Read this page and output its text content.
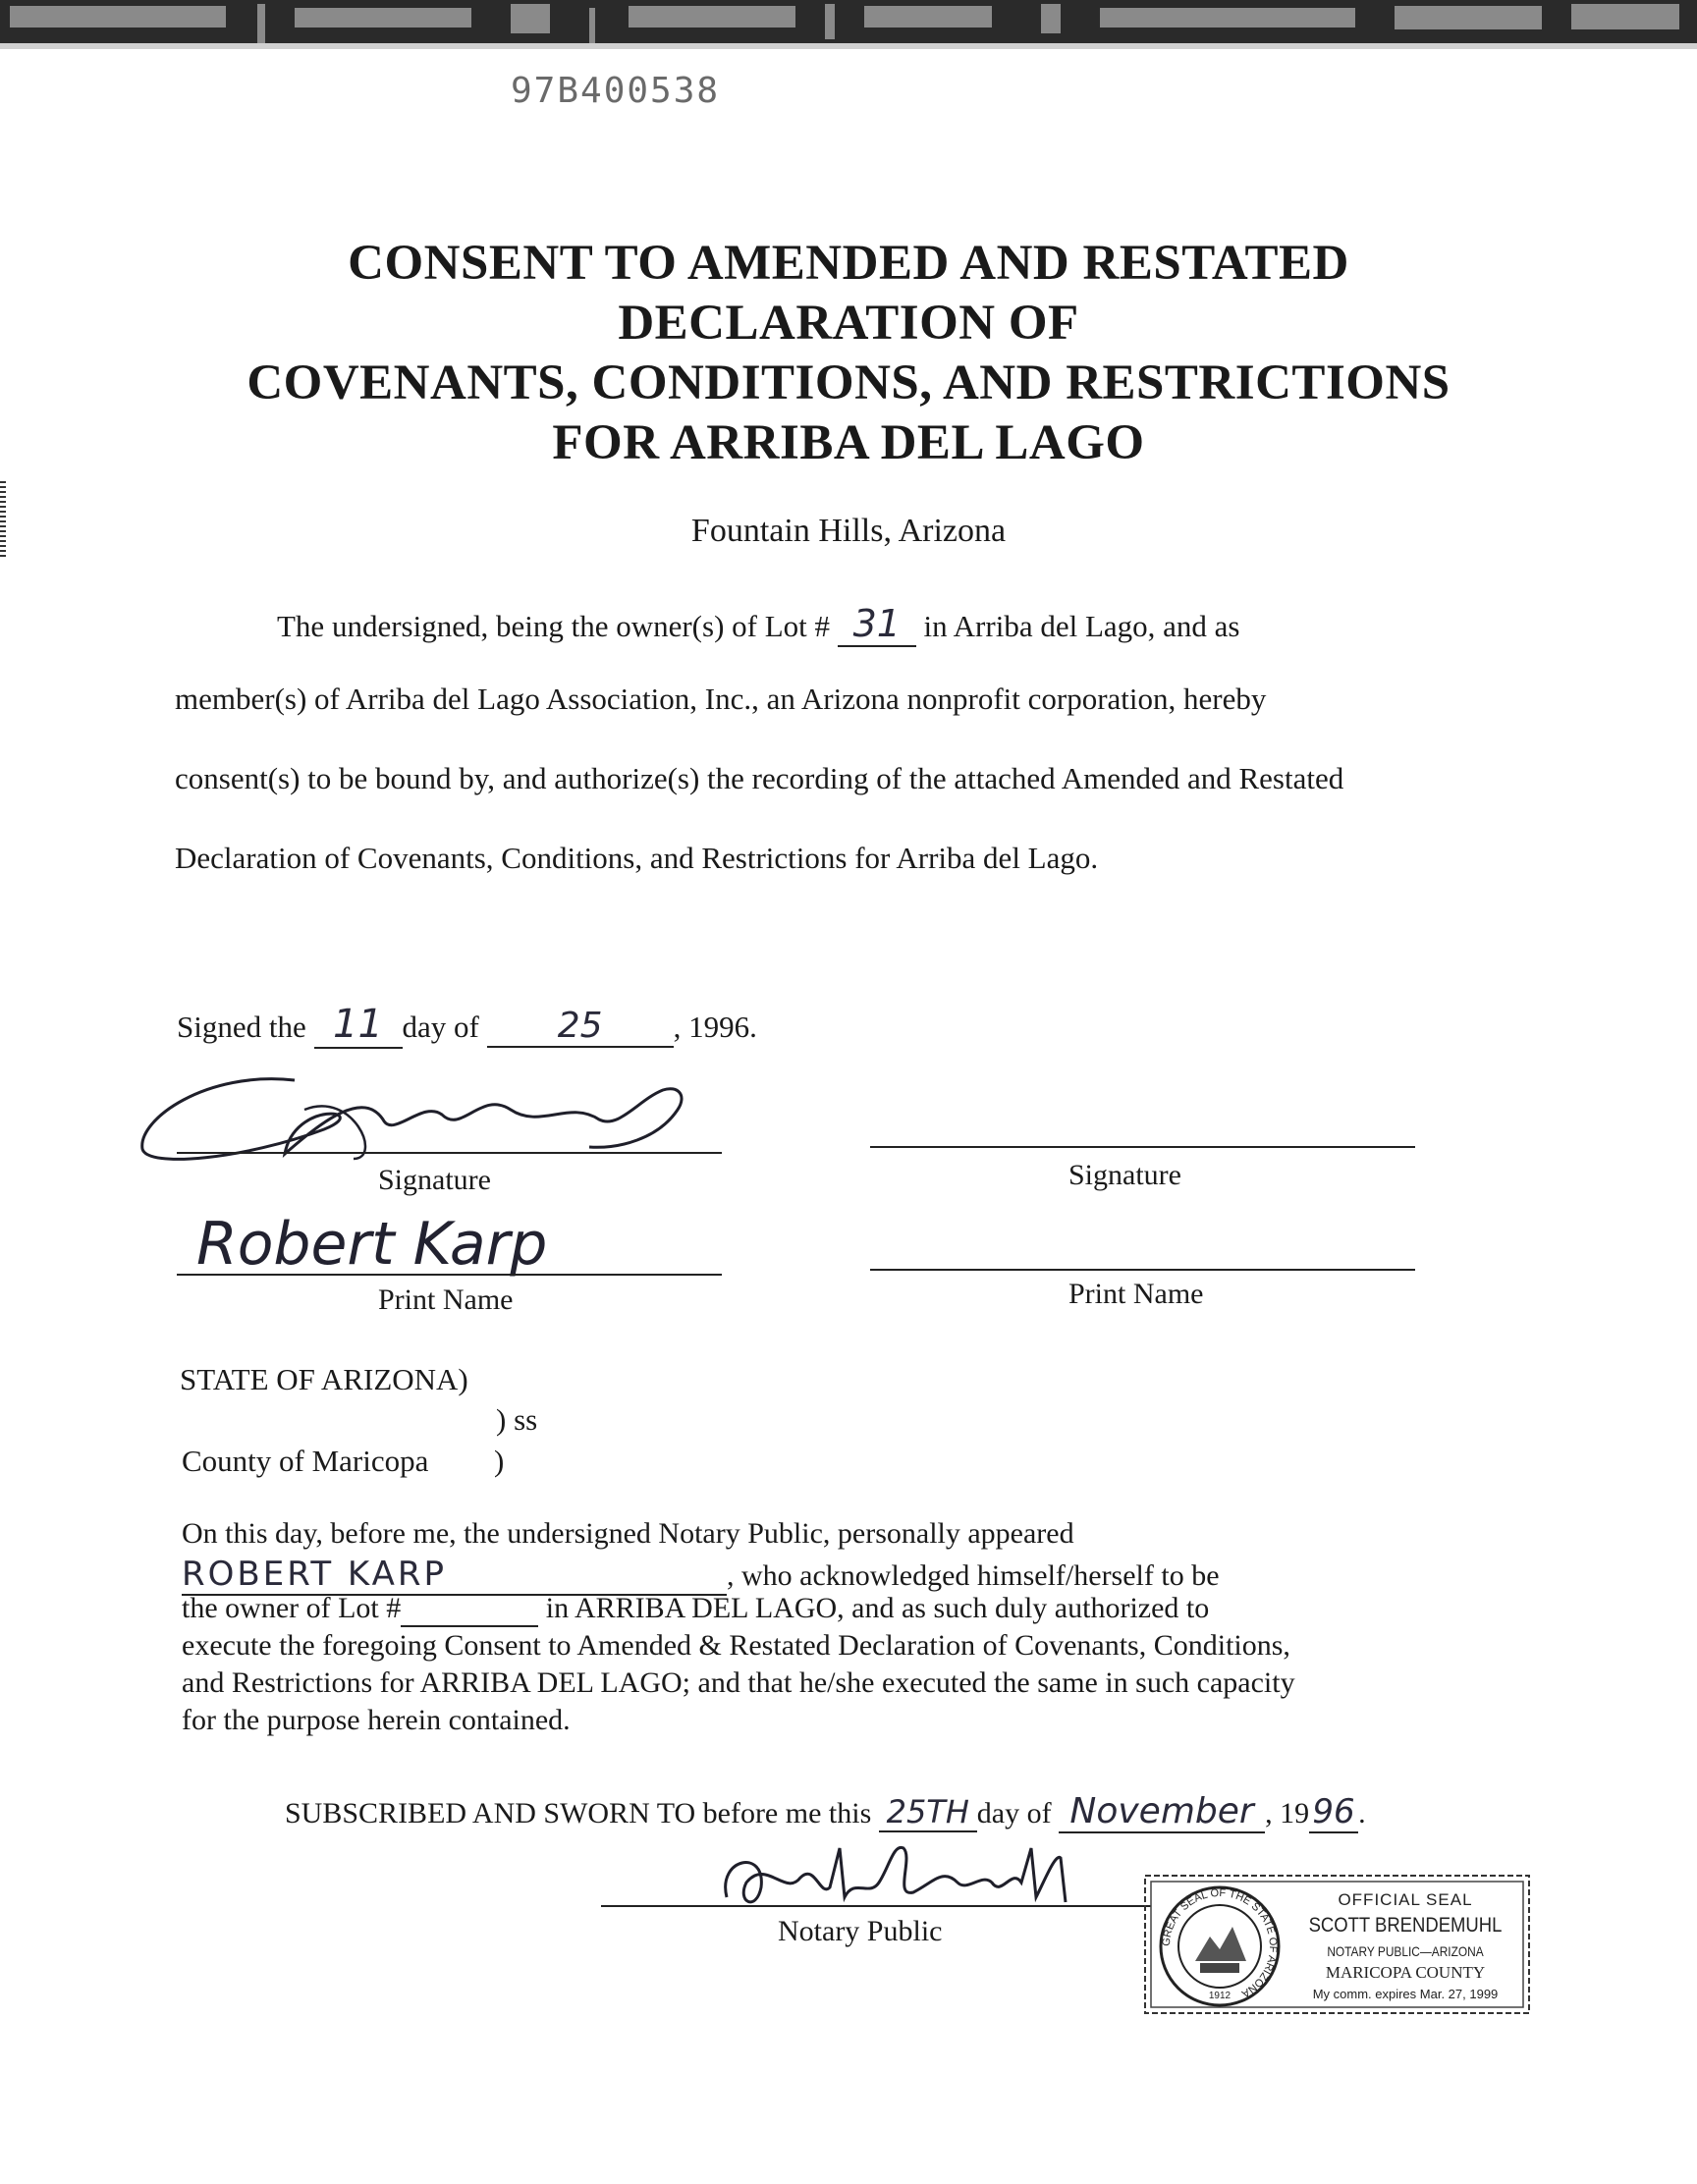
97B400538
CONSENT TO AMENDED AND RESTATED
DECLARATION OF
COVENANTS, CONDITIONS, AND RESTRICTIONS
FOR ARRIBA DEL LAGO
Fountain Hills, Arizona
The undersigned, being the owner(s) of Lot # 31 in Arriba del Lago, and as
member(s) of Arriba del Lago Association, Inc., an Arizona nonprofit corporation, hereby
consent(s) to be bound by, and authorize(s) the recording of the attached Amended and Restated
Declaration of Covenants, Conditions, and Restrictions for Arriba del Lago.
Signed the 11 day of 25 , 1996.
Signature	Signature
Robert Karp
Print Name	Print Name
STATE OF ARIZONA)
) ss
County of Maricopa )
On this day, before me, the undersigned Notary Public, personally appeared
ROBERT KARP	, who acknowledged himself/herself to be
the owner of Lot #	in ARRIBA DEL LAGO, and as such duly authorized to
execute the foregoing Consent to Amended & Restated Declaration of Covenants, Conditions,
and Restrictions for ARRIBA DEL LAGO; and that he/she executed the same in such capacity
for the purpose herein contained.
SUBSCRIBED AND SWORN TO before me this 25TH day of November , 1996 .
Notary Public	GREAT SEAL OF THE STATE OF ARIZONA
1912
OFFICIAL SEAL
SCOTT BRENDEMUHL
NOTARY PUBLIC—ARIZONA
MARICOPA COUNTY
My comm. expires Mar. 27, 1999
